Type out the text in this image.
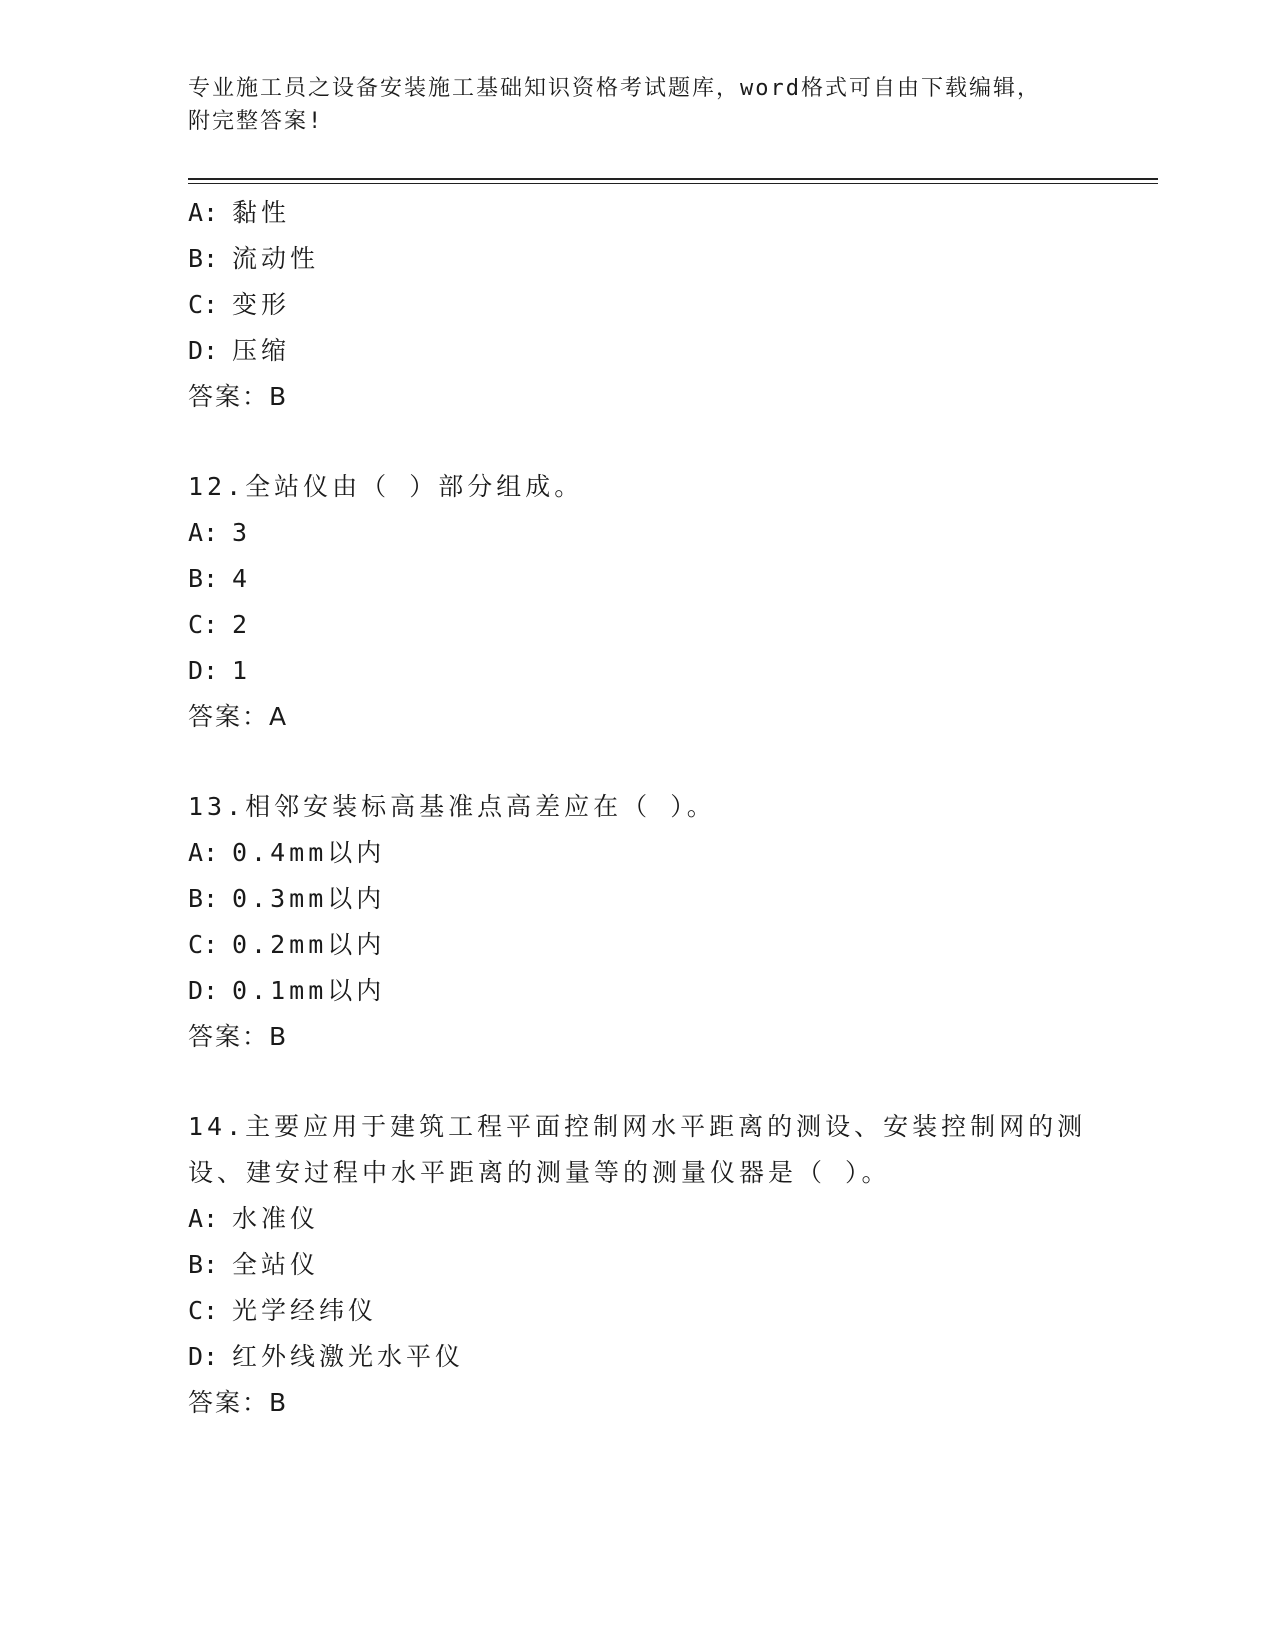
专业施工员之设备安装施工基础知识资格考试题库，word格式可自由下载编辑，
附完整答案!
A: 黏性
B: 流动性
C: 变形
D: 压缩
答案：B
12.全站仪由（ ）部分组成。
A: 3
B: 4
C: 2
D: 1
答案：A
13.相邻安装标高基准点高差应在（ ）。
A: 0.4mm以内
B: 0.3mm以内
C: 0.2mm以内
D: 0.1mm以内
答案：B
14.主要应用于建筑工程平面控制网水平距离的测设、安装控制网的测
设、建安过程中水平距离的测量等的测量仪器是（ ）。
A: 水准仪
B: 全站仪
C: 光学经纬仪
D: 红外线激光水平仪
答案：B
